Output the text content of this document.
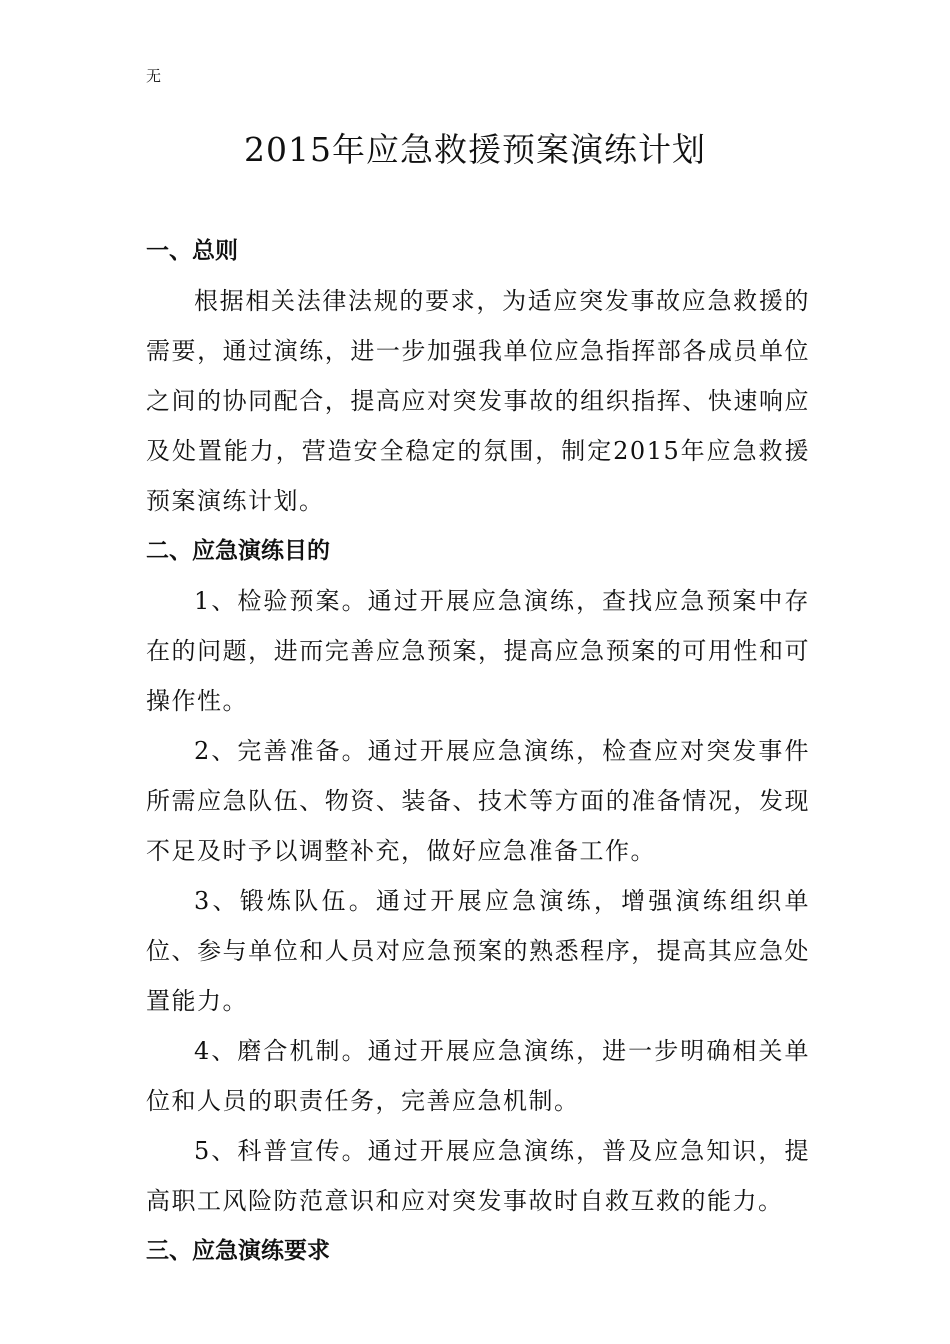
无
2015年应急救援预案演练计划
一、总则

根据相关法律法规的要求，为适应突发事故应急救援的需要，通过演练，进一步加强我单位应急指挥部各成员单位之间的协同配合，提高应对突发事故的组织指挥、快速响应及处置能力，营造安全稳定的氛围，制定2015年应急救援预案演练计划。

二、应急演练目的

1、检验预案。通过开展应急演练，查找应急预案中存在的问题，进而完善应急预案，提高应急预案的可用性和可操作性。

2、完善准备。通过开展应急演练，检查应对突发事件所需应急队伍、物资、装备、技术等方面的准备情况，发现不足及时予以调整补充，做好应急准备工作。

3、锻炼队伍。通过开展应急演练，增强演练组织单位、参与单位和人员对应急预案的熟悉程序，提高其应急处置能力。

4、磨合机制。通过开展应急演练，进一步明确相关单位和人员的职责任务，完善应急机制。

5、科普宣传。通过开展应急演练，普及应急知识，提高职工风险防范意识和应对突发事故时自救互救的能力。

三、应急演练要求
